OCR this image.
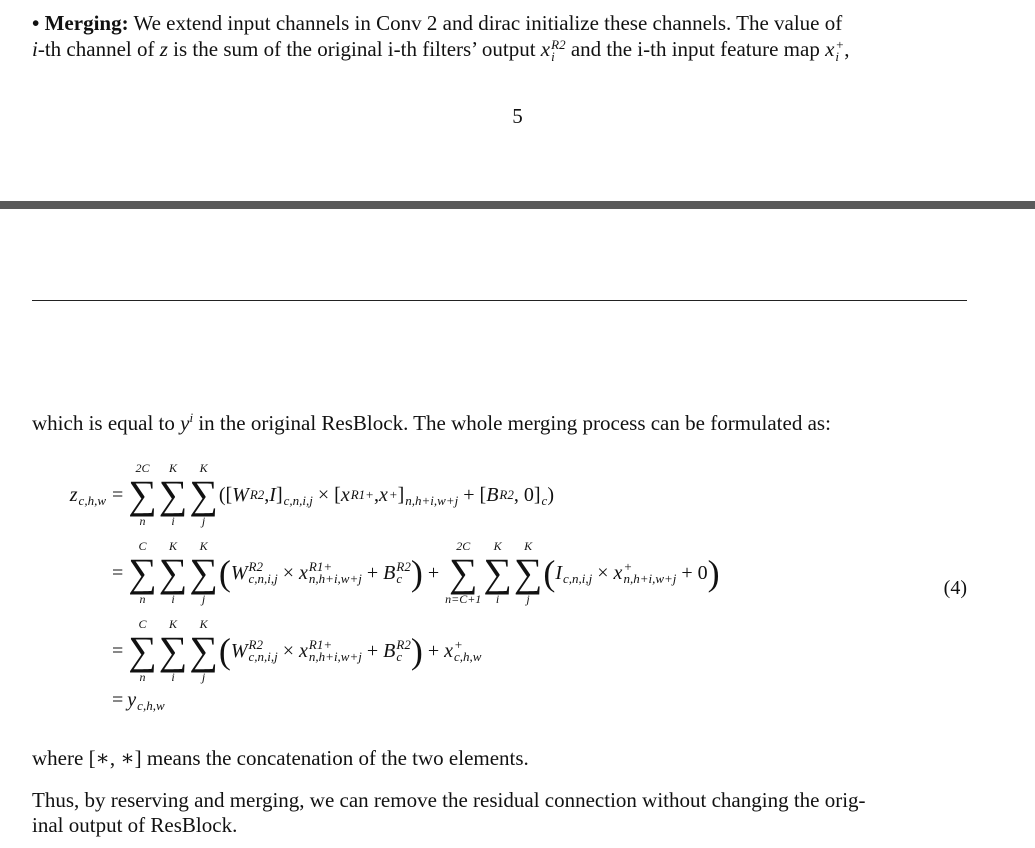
• Merging: We extend input channels in Conv 2 and dirac initialize these channels. The value of
i-th channel of z is the sum of the original i-th filters’ output x R2
i and the i-th input feature map x +
i ,
5
which is equal to $y^i$ in the original ResBlock. The whole merging process can be formulated as:
z c,h,w =
2C
∑
n
K
∑
i
K
∑
j
([ W R2 , I ] c,n,i,j × [ x R1+ , x + ] n,h+i,w+j + [ B R2 , 0] c )
=
C
∑
n
K
∑
i
K
∑
j
( W R2
c,n,i,j × x R1+
n,h+i,w+j + B R2
c ) +
2C
∑
n=C+1
K
∑
i
K
∑
j
( I c,n,i,j × x +
n,h+i,w+j + 0 )
=
C
∑
n
K
∑
i
K
∑
j
( W R2
c,n,i,j × x R1+
n,h+i,w+j + B R2
c ) + x +
c,h,w
= y c,h,w
(4)
where [∗, ∗] means the concatenation of the two elements.
Thus, by reserving and merging, we can remove the residual connection without changing the orig-
inal output of ResBlock.
